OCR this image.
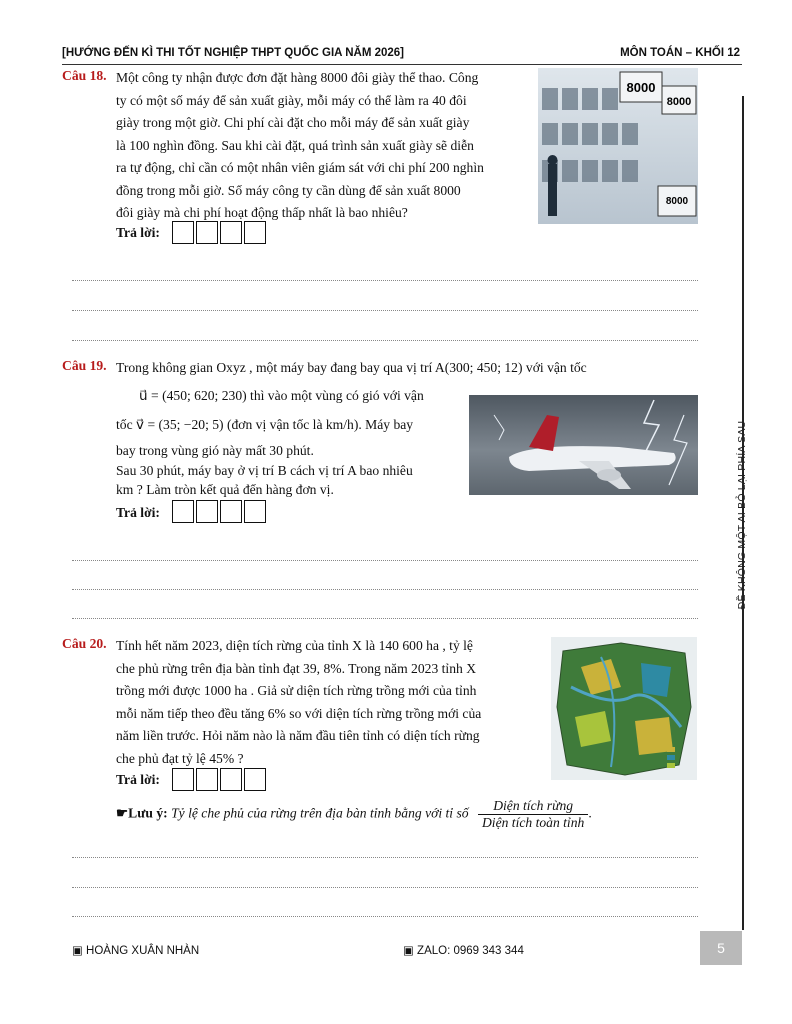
[HƯỚNG ĐẾN KÌ THI TỐT NGHIỆP THPT QUỐC GIA NĂM 2026]	MÔN TOÁN – KHỐI 12
ĐỀ KHÔNG MỘT AI BỎ LẠI PHÍA SAU
Câu 18. Một công ty nhận được đơn đặt hàng 8000 đôi giày thể thao. Công
ty có một số máy để sản xuất giày, mỗi máy có thể làm ra 40 đôi
giày trong một giờ. Chi phí cài đặt cho mỗi máy để sản xuất giày
là 100 nghìn đồng. Sau khi cài đặt, quá trình sản xuất giày sẽ diễn
ra tự động, chỉ cần có một nhân viên giám sát với chi phí 200 nghìn
đồng trong mỗi giờ. Số máy công ty cần dùng để sản xuất 8000
đôi giày mà chi phí hoạt động thấp nhất là bao nhiêu?
8000
8000
8000
Trả lời:
Câu 19. Trong không gian Oxyz , một máy bay đang bay qua vị trí A(300; 450; 12) với vận tốc
u⃗ = (450; 620; 230) thì vào một vùng có gió với vận
tốc v⃗ = (35; −20; 5) (đơn vị vận tốc là km/h). Máy bay
bay trong vùng gió này mất 30 phút.
Sau 30 phút, máy bay ở vị trí B cách vị trí A bao nhiêu
km ? Làm tròn kết quả đến hàng đơn vị.
Trả lời:
Câu 20. Tính hết năm 2023, diện tích rừng của tỉnh X là 140 600 ha , tỷ lệ
che phủ rừng trên địa bàn tỉnh đạt 39, 8%. Trong năm 2023 tỉnh X
trồng mới được 1000 ha . Giả sử diện tích rừng trồng mới của tỉnh
mỗi năm tiếp theo đều tăng 6% so với diện tích rừng trồng mới của
năm liền trước. Hỏi năm nào là năm đầu tiên tỉnh có diện tích rừng
che phủ đạt tỷ lệ 45% ?
Trả lời:
☛Lưu ý: Tỷ lệ che phủ của rừng trên địa bàn tỉnh bằng với tỉ số $\frac{\text{Diện tích rừng}}{\text{Diện tích toàn tỉnh}}$ .
▣ HOÀNG XUÂN NHÀN	▣ ZALO: 0969 343 344	5
